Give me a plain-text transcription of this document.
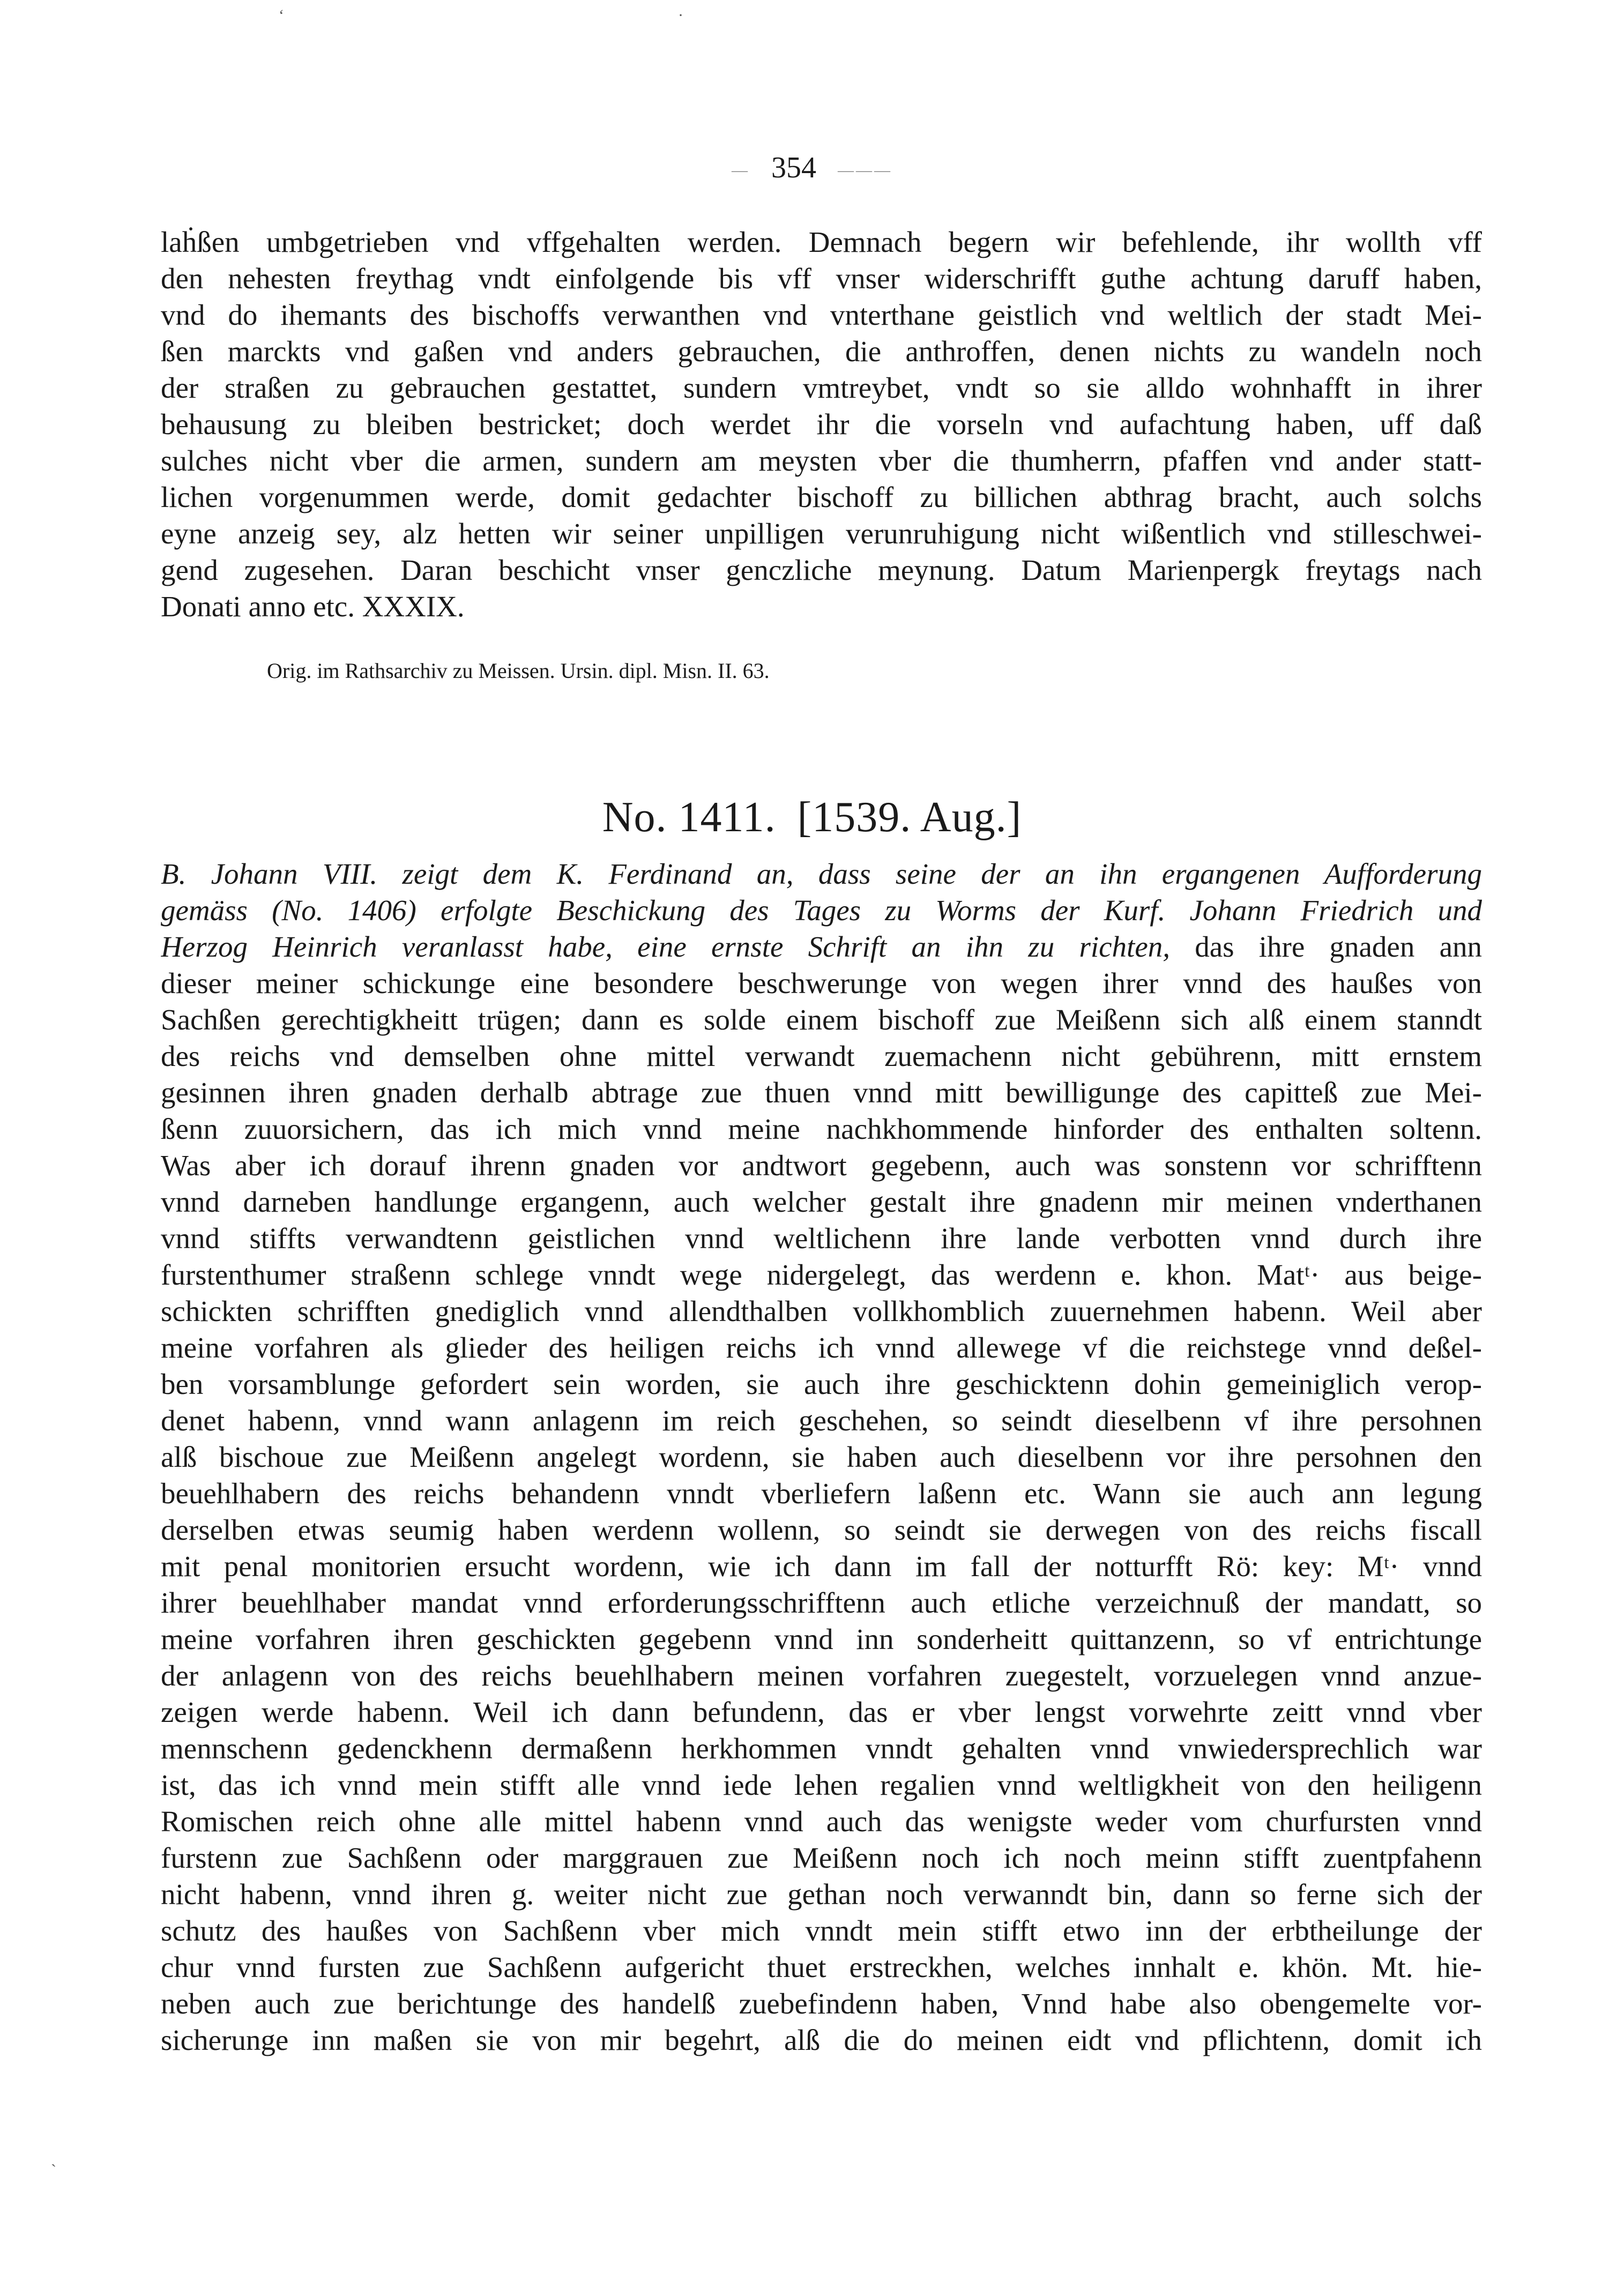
‘	·
ˋ
— 354 ———
laḣßen umbgetrieben vnd vffgehalten werden. Demnach begern wir befehlende, ihr wollth vff
den nehesten freythag vndt einfolgende bis vff vnser widerschrifft guthe achtung daruff haben,
vnd do ihemants des bischoffs verwanthen vnd vnterthane geistlich vnd weltlich der stadt Mei-
ßen marckts vnd gaßen vnd anders gebrauchen, die anthroffen, denen nichts zu wandeln noch
der straßen zu gebrauchen gestattet, sundern vmtreybet, vndt so sie alldo wohnhafft in ihrer
behausung zu bleiben bestricket; doch werdet ihr die vorseln vnd aufachtung haben, uff daß
sulches nicht vber die armen, sundern am meysten vber die thumherrn, pfaffen vnd ander statt-
lichen vorgenummen werde, domit gedachter bischoff zu billichen abthrag bracht, auch solchs
eyne anzeig sey, alz hetten wir seiner unpilligen verunruhigung nicht wißentlich vnd stilleschwei-
gend zugesehen. Daran beschicht vnser genczliche meynung. Datum Marienpergk freytags nach
Donati anno etc. XXXIX.
Orig. im Rathsarchiv zu Meissen. Ursin. dipl. Misn. II. 63.
No. 1411. [1539. Aug.]
B. Johann VIII. zeigt dem K. Ferdinand an, dass seine der an ihn ergangenen Aufforderung
gemäss (No. 1406) erfolgte Beschickung des Tages zu Worms der Kurf. Johann Friedrich und
Herzog Heinrich veranlasst habe, eine ernste Schrift an ihn zu richten, das ihre gnaden ann
dieser meiner schickunge eine besondere beschwerunge von wegen ihrer vnnd des haußes von
Sachßen gerechtigkheitt trügen; dann es solde einem bischoff zue Meißenn sich alß einem stanndt
des reichs vnd demselben ohne mittel verwandt zuemachenn nicht gebührenn, mitt ernstem
gesinnen ihren gnaden derhalb abtrage zue thuen vnnd mitt bewilligunge des capitteß zue Mei-
ßenn zuuorsichern, das ich mich vnnd meine nachkhommende hinforder des enthalten soltenn.
Was aber ich dorauf ihrenn gnaden vor andtwort gegebenn, auch was sonstenn vor schrifftenn
vnnd darneben handlunge ergangenn, auch welcher gestalt ihre gnadenn mir meinen vnderthanen
vnnd stiffts verwandtenn geistlichen vnnd weltlichenn ihre lande verbotten vnnd durch ihre
furstenthumer straßenn schlege vnndt wege nidergelegt, das werdenn e. khon. Matᵗ· aus beige-
schickten schrifften gnediglich vnnd allendthalben vollkhomblich zuuernehmen habenn. Weil aber
meine vorfahren als glieder des heiligen reichs ich vnnd allewege vf die reichstege vnnd deßel-
ben vorsamblunge gefordert sein worden, sie auch ihre geschicktenn dohin gemeiniglich verор-
denet habenn, vnnd wann anlagenn im reich geschehen, so seindt dieselbenn vf ihre persohnen
alß bischoue zue Meißenn angelegt wordenn, sie haben auch dieselbenn vor ihre persohnen den
beuehlhabern des reichs behandenn vnndt vberliefern laßenn etc. Wann sie auch ann legung
derselben etwas seumig haben werdenn wollenn, so seindt sie derwegen von des reichs fiscall
mit penal monitorien ersucht wordenn, wie ich dann im fall der notturfft Rö: key: Mᵗ· vnnd
ihrer beuehlhaber mandat vnnd erforderungsschrifftenn auch etliche verzeichnuß der mandatt, so
meine vorfahren ihren geschickten gegebenn vnnd inn sonderheitt quittanzenn, so vf entrichtunge
der anlagenn von des reichs beuehlhabern meinen vorfahren zuegestelt, vorzuelegen vnnd anzue-
zeigen werde habenn. Weil ich dann befundenn, das er vber lengst vorwehrte zeitt vnnd vber
mennschenn gedenckhenn dermaßenn herkhommen vnndt gehalten vnnd vnwiedersprechlich war
ist, das ich vnnd mein stifft alle vnnd iede lehen regalien vnnd weltligkheit von den heiligenn
Romischen reich ohne alle mittel habenn vnnd auch das wenigste weder vom churfursten vnnd
furstenn zue Sachßenn oder marggrauen zue Meißenn noch ich noch meinn stifft zuentpfahenn
nicht habenn, vnnd ihren g. weiter nicht zue gethan noch verwanndt bin, dann so ferne sich der
schutz des haußes von Sachßenn vber mich vnndt mein stifft etwo inn der erbtheilunge der
chur vnnd fursten zue Sachßenn aufgericht thuet erstreckhen, welches innhalt e. khön. Mt. hie-
neben auch zue berichtunge des handelß zuebefindenn haben, Vnnd habe also obengemelte vor-
sicherunge inn maßen sie von mir begehrt, alß die do meinen eidt vnd pflichtenn, domit ich
